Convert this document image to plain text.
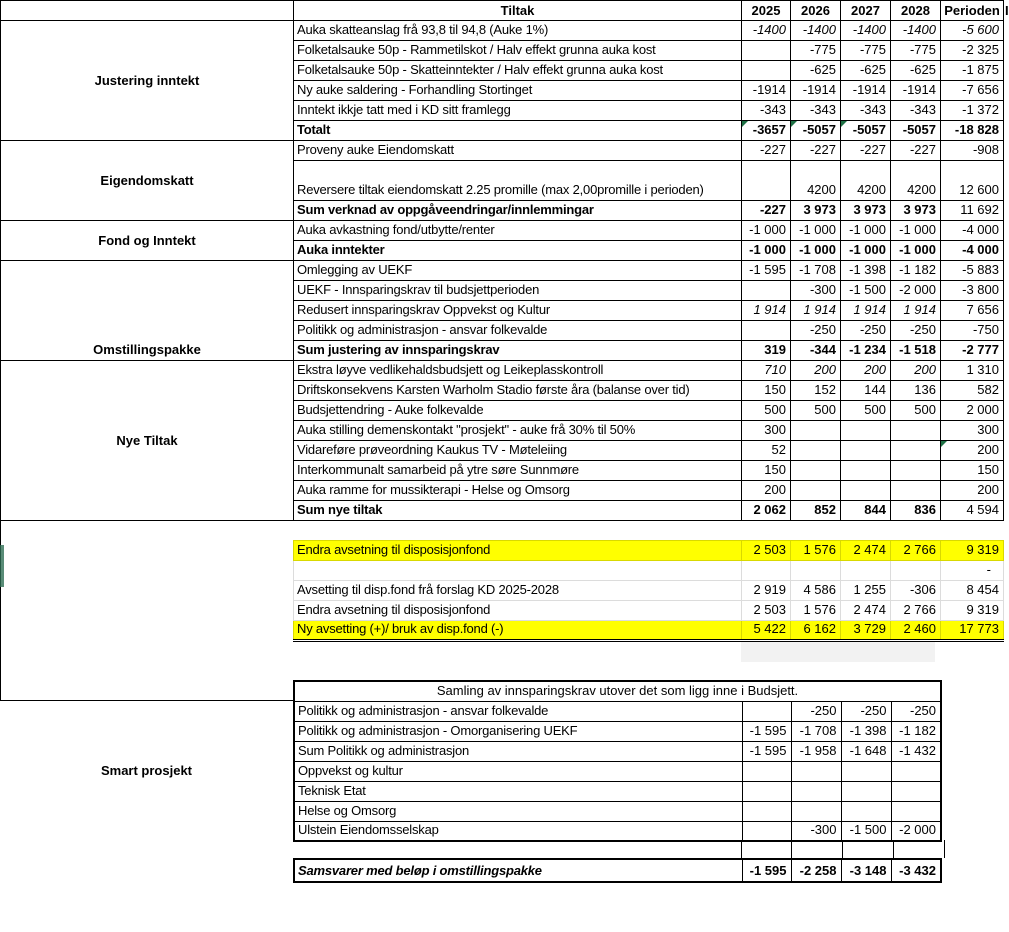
	Tiltak	2025	2026	2027	2028	Perioden
Justering inntekt	Auka skatteanslag frå 93,8 til 94,8 (Auke 1%)	-1400	-1400	-1400	-1400	-5 600
	Folketalsauke 50p - Rammetilskot / Halv effekt grunna auka kost		-775	-775	-775	-2 325
	Folketalsauke 50p - Skatteinntekter / Halv effekt grunna auka kost		-625	-625	-625	-1 875
	Ny auke saldering - Forhandling Stortinget	-1914	-1914	-1914	-1914	-7 656
	Inntekt ikkje tatt med i KD sitt framlegg	-343	-343	-343	-343	-1 372
	Totalt	-3657	-5057	-5057	-5057	-18 828
Eigendomskatt	Proveny auke Eiendomskatt	-227	-227	-227	-227	-908
	Reversere tiltak eiendomskatt 2.25 promille (max 2,00promille i perioden)		4200	4200	4200	12 600
	Sum verknad av oppgåveendringar/innlemmingar	-227	3 973	3 973	3 973	11 692
Fond og Inntekt	Auka avkastning fond/utbytte/renter	-1 000	-1 000	-1 000	-1 000	-4 000
	Auka inntekter	-1 000	-1 000	-1 000	-1 000	-4 000
Omstillingspakke	Omlegging av UEKF	-1 595	-1 708	-1 398	-1 182	-5 883
	UEKF - Innsparingskrav til budsjettperioden		-300	-1 500	-2 000	-3 800
	Redusert innsparingskrav Oppvekst og Kultur	1 914	1 914	1 914	1 914	7 656
	Politikk og administrasjon - ansvar folkevalde		-250	-250	-250	-750
	Sum justering av innsparingskrav	319	-344	-1 234	-1 518	-2 777
Nye Tiltak	Ekstra løyve vedlikehaldsbudsjett og Leikeplasskontroll	710	200	200	200	1 310
	Driftskonsekvens Karsten Warholm Stadio første åra (balanse over tid)	150	152	144	136	582
	Budsjettendring - Auke folkevalde	500	500	500	500	2 000
	Auka stilling demenskontakt "prosjekt" - auke frå 30% til 50%	300				300
	Vidareføre prøveordning Kaukus TV - Møteleiing	52				200
	Interkommunalt samarbeid på ytre søre Sunnmøre	150				150
	Auka ramme for mussikterapi - Helse og Omsorg	200				200
	Sum nye tiltak	2 062	852	844	836	4 594
I
Smart prosjekt
Endra avsetning til disposisjonfond	2 503	1 576	2 474	2 766	9 319
					-
Avsetting til disp.fond frå forslag KD 2025-2028	2 919	4 586	1 255	-306	8 454
Endra avsetning til disposisjonfond	2 503	1 576	2 474	2 766	9 319
Ny avsetting (+)/ bruk av disp.fond (-)	5 422	6 162	3 729	2 460	17 773
Samling av innsparingskrav utover det som ligg inne i Budsjett.				
Politikk og administrasjon - ansvar folkevalde		-250	-250	-250
Politikk og administrasjon - Omorganisering UEKF	-1 595	-1 708	-1 398	-1 182
Sum Politikk og administrasjon	-1 595	-1 958	-1 648	-1 432
Oppvekst og kultur				
Teknisk Etat				
Helse og Omsorg				
Ulstein Eiendomsselskap		-300	-1 500	-2 000
Samsvarer med beløp i omstillingspakke	-1 595	-2 258	-3 148	-3 432
